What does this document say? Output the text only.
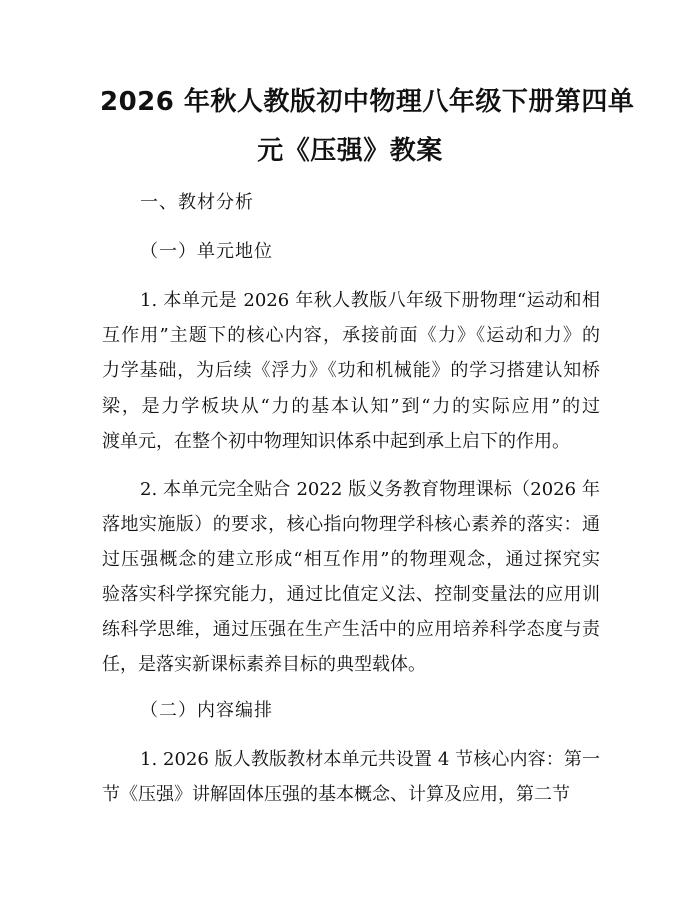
2026 年秋人教版初中物理八年级下册第四单
元《压强》教案
一、教材分析
（一）单元地位
1. 本单元是 2026 年秋人教版八年级下册物理“运动和相
互作用”主题下的核心内容，承接前面《力》《运动和力》的
力学基础，为后续《浮力》《功和机械能》的学习搭建认知桥
梁，是力学板块从“力的基本认知”到“力的实际应用”的过
渡单元，在整个初中物理知识体系中起到承上启下的作用。
2. 本单元完全贴合 2022 版义务教育物理课标（2026 年
落地实施版）的要求，核心指向物理学科核心素养的落实：通
过压强概念的建立形成“相互作用”的物理观念，通过探究实
验落实科学探究能力，通过比值定义法、控制变量法的应用训
练科学思维，通过压强在生产生活中的应用培养科学态度与责
任，是落实新课标素养目标的典型载体。
（二）内容编排
1. 2026 版人教版教材本单元共设置 4 节核心内容：第一
节《压强》讲解固体压强的基本概念、计算及应用，第二节
